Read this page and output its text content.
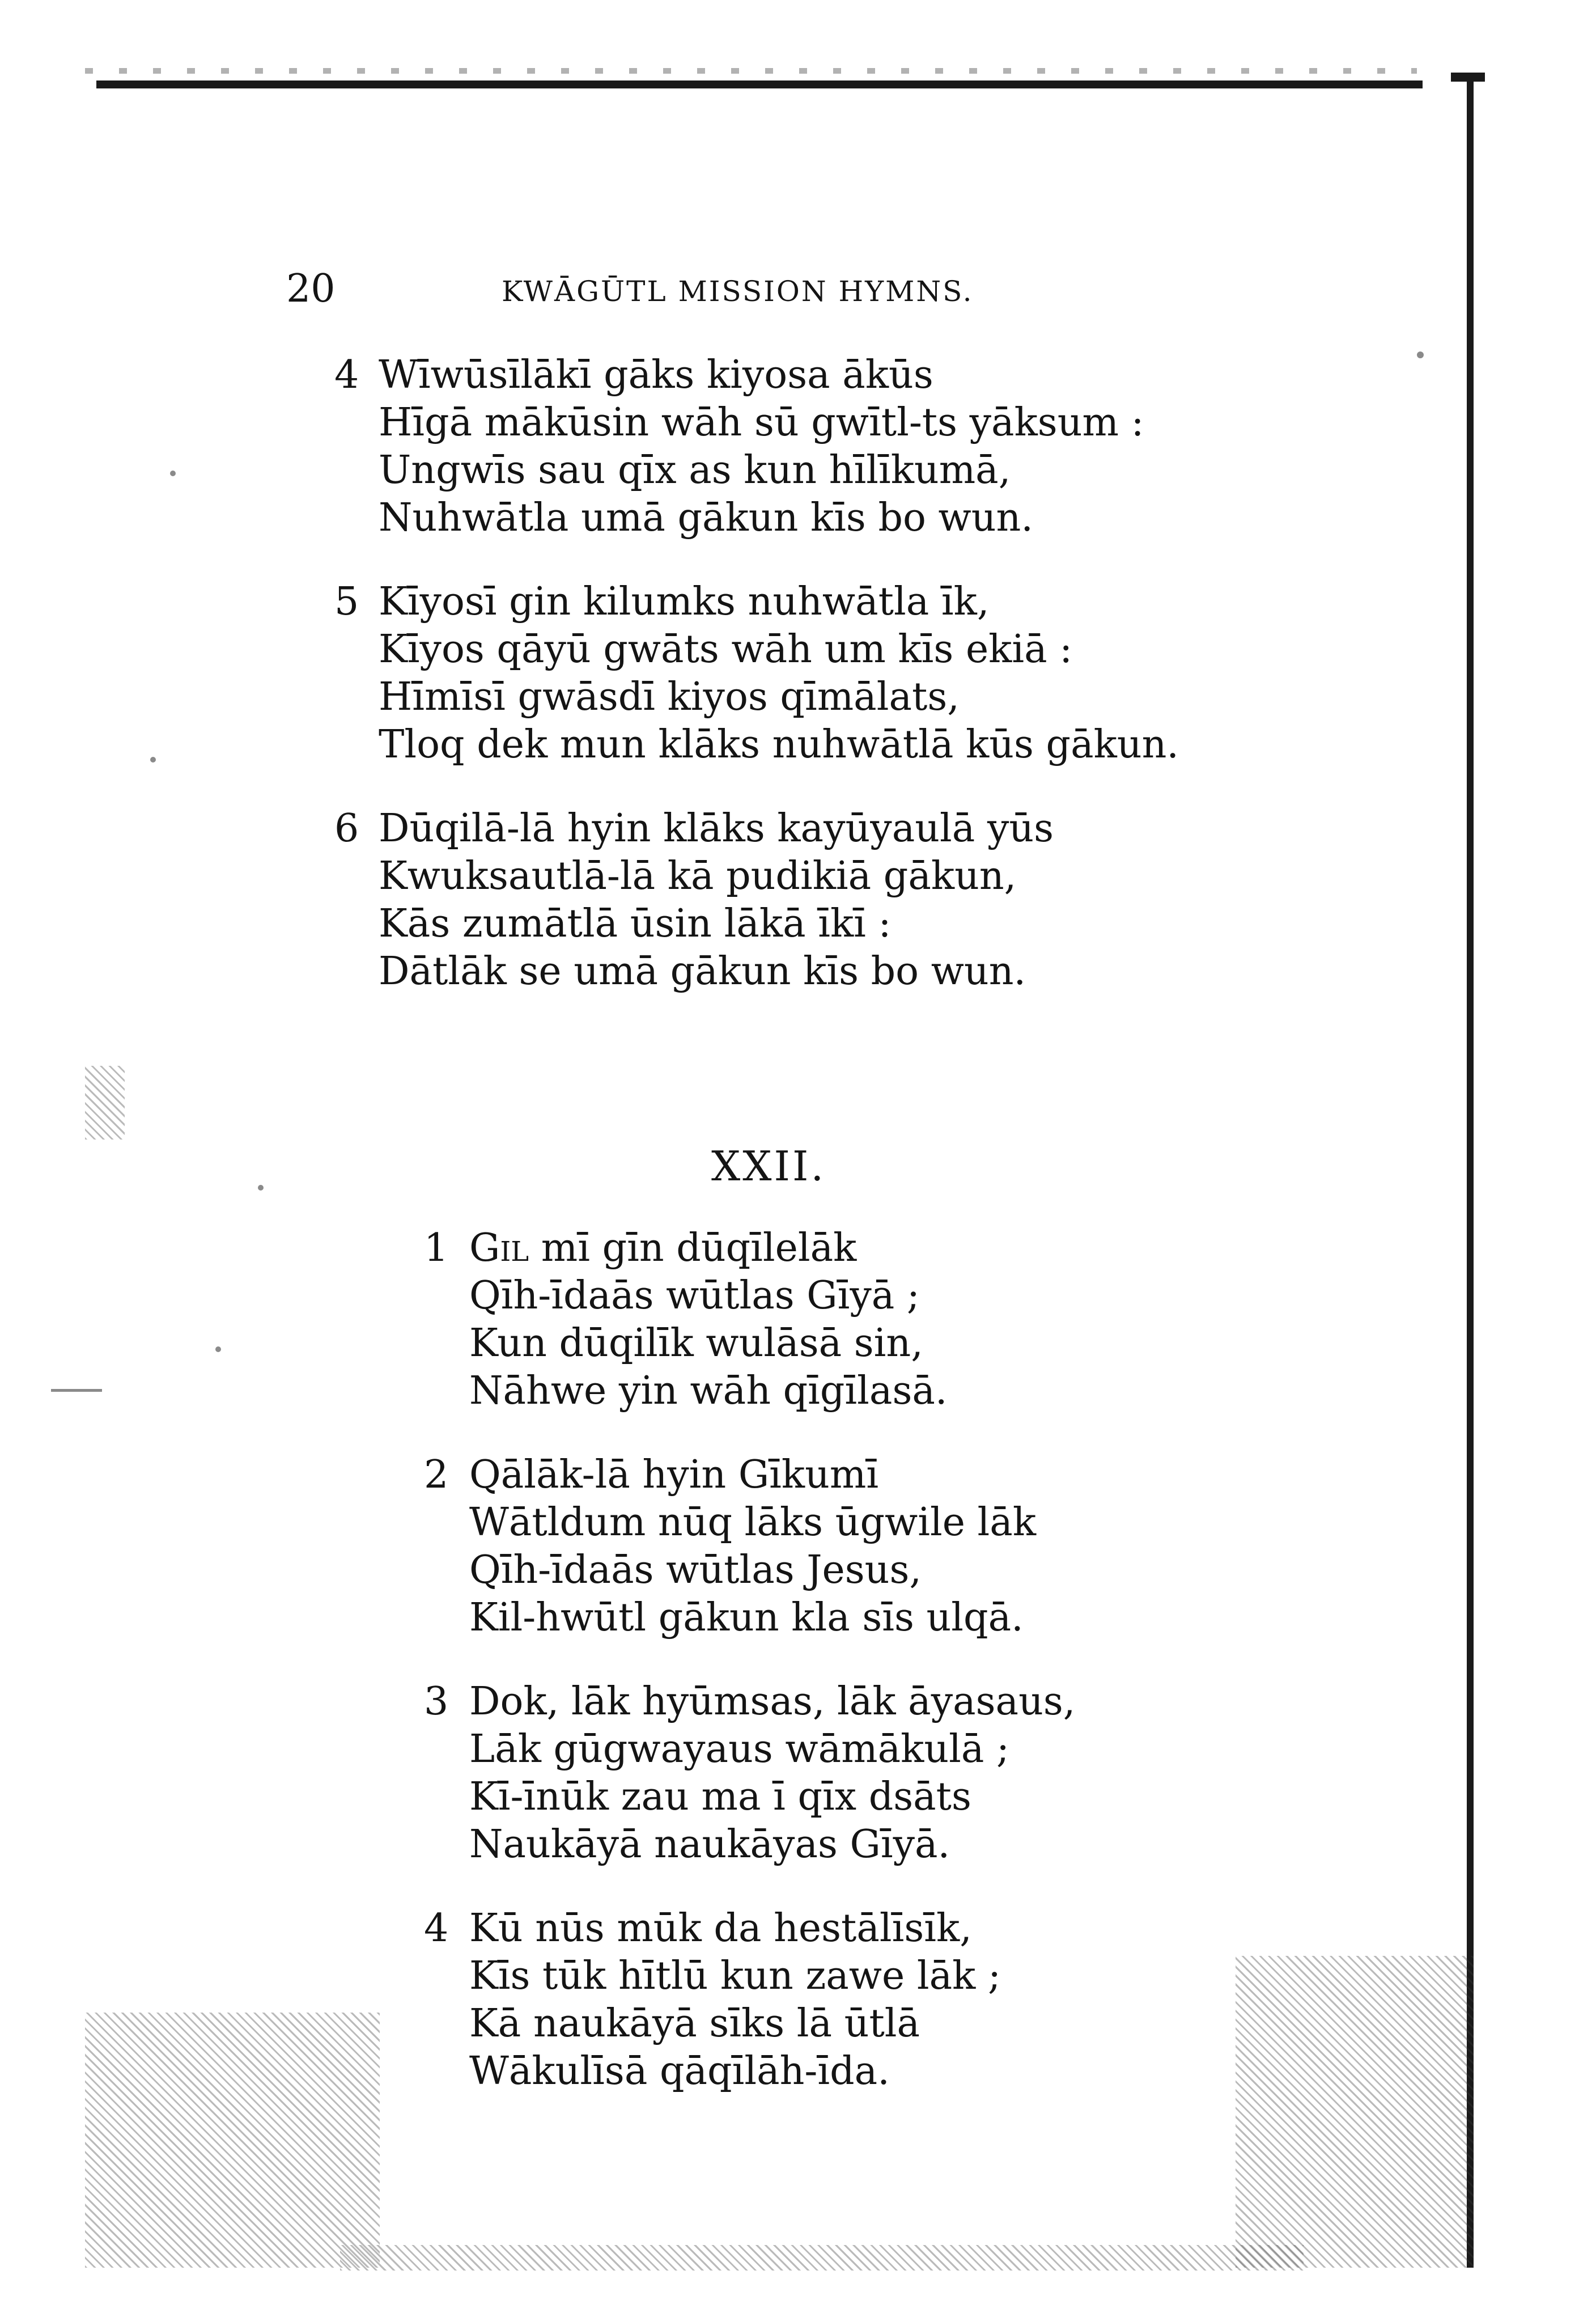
20	KWĀGŪTL MISSION HYMNS.
4 Wīwūsīlākī gāks kiyosa ākūs
Hīgā mākūsin wāh sū gwītl-ts yāksum :
Ungwīs sau qīx as kun hīlīkumā,
Nuhwātla umā gākun kīs bo wun.
5 Kīyosī gin kilumks nuhwātla īk,
Kīyos qāyū gwāts wāh um kīs ekiā :
Hīmīsī gwāsdī kiyos qīmālats,
Tloq dek mun klāks nuhwātlā kūs gākun.
6 Dūqilā-lā hyin klāks kayūyaulā yūs
Kwuksautlā-lā kā pudikiā gākun,
Kās zumātlā ūsin lākā īkī :
Dātlāk se umā gākun kīs bo wun.
XXII.
1 Gil mī gīn dūqīlelāk
Qīh-īdaās wūtlas Gīyā ;
Kun dūqilīk wulāsā sin,
Nāhwe yin wāh qīgīlasā.
2 Qālāk-lā hyin Gīkumī
Wātldum nūq lāks ūgwile lāk
Qīh-īdaās wūtlas Jesus,
Kil-hwūtl gākun kla sīs ulqā.
3 Dok, lāk hyūmsas, lāk āyasaus,
Lāk gūgwayaus wāmākulā ;
Kī-īnūk zau ma ī qīx dsāts
Naukāyā naukāyas Gīyā.
4 Kū nūs mūk da hestālīsīk,
Kīs tūk hītlū kun zawe lāk ;
Kā naukāyā sīks lā ūtlā
Wākulīsā qāqīlāh-īda.
